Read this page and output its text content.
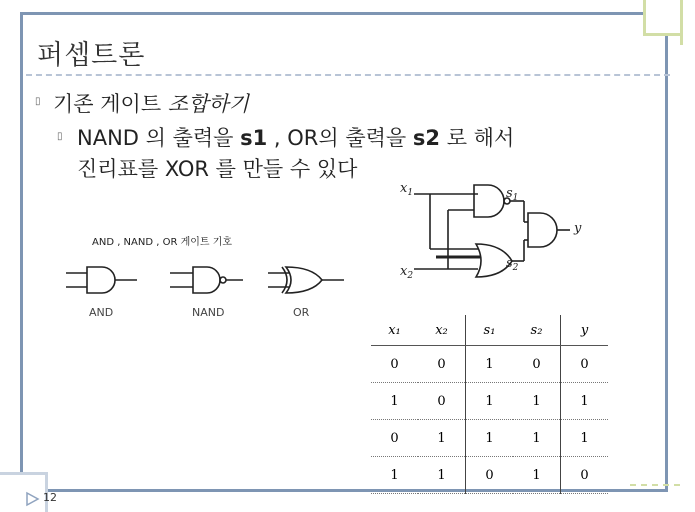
퍼셉트론
▯ 기존 게이트 조합하기
▯ NAND 의 출력을 s1 , OR의 출력을 s2 로 해서
진리표를 XOR 를 만들 수 있다
AND , NAND , OR 게이트 기호
$x_1$
$x_2$
$s_1$
$s_2$
y
AND	NAND	OR
x₁	x₂	s₁	s₂	y
0	0	1	0	0
1	0	1	1	1
0	1	1	1	1
1	1	0	1	0
12
